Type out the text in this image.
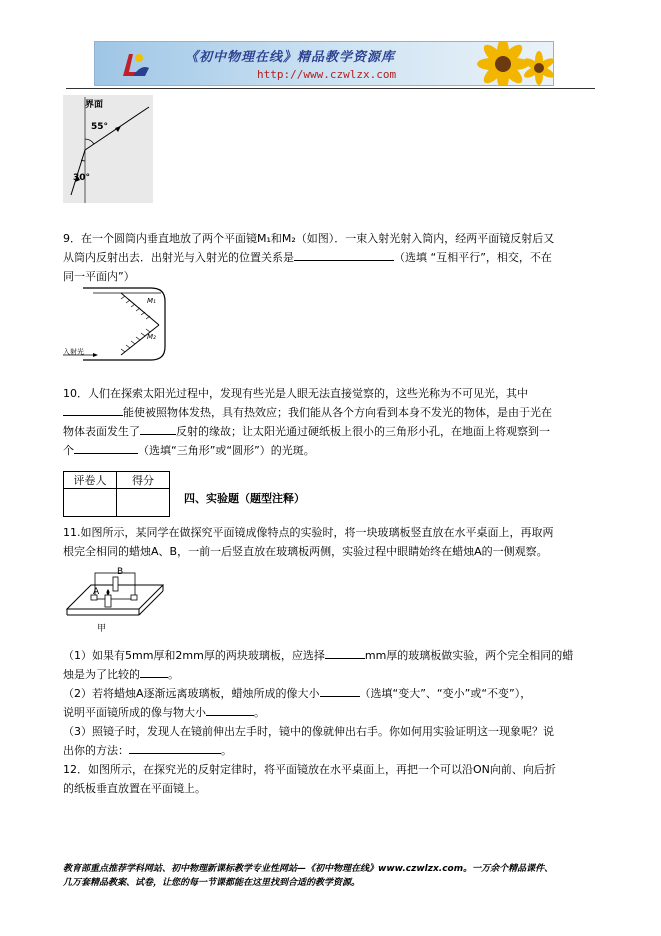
《初中物理在线》精品教学资源库
http://www.czwlzx.com
界面
55°
30°
9．在一个圆筒内垂直地放了两个平面镜M₁和M₂（如图）．一束入射光射入筒内，经两平面镜反射后又
从筒内反射出去．出射光与入射光的位置关系是	（选填 “互相平行”，相交，不在
同一平面内”）
M₁
M₂
入射光
10．人们在探索太阳光过程中，发现有些光是人眼无法直接觉察的，这些光称为不可见光，其中
能使被照物体发热，具有热效应；我们能从各个方向看到本身不发光的物体，是由于光在
物体表面发生了	反射的缘故；让太阳光通过硬纸板上很小的三角形小孔，在地面上将观察到一
个	（选填“三角形”或“圆形”）的光斑。
评卷人	得分

四、实验题（题型注释）
11.如图所示，某同学在做探究平面镜成像特点的实验时，将一块玻璃板竖直放在水平桌面上，再取两
根完全相同的蜡烛A、B，一前一后竖直放在玻璃板两侧，实验过程中眼睛始终在蜡烛A的一侧观察。
B
A
甲
（1）如果有5mm厚和2mm厚的两块玻璃板，应选择	mm厚的玻璃板做实验，两个完全相同的蜡
烛是为了比较的	。
（2）若将蜡烛A逐渐远离玻璃板，蜡烛所成的像大小	（选填“变大”、“变小”或“不变”），
说明平面镜所成的像与物大小	。
（3）照镜子时，发现人在镜前伸出左手时，镜中的像就伸出右手。你如何用实验证明这一现象呢？说
出你的方法：	。
12．如图所示，在探究光的反射定律时，将平面镜放在水平桌面上，再把一个可以沿ON向前、向后折
的纸板垂直放置在平面镜上。
教育部重点推荐学科网站、初中物理新课标教学专业性网站—《初中物理在线》www.czwlzx.com。一万余个精品课件、
几万套精品教案、试卷，让您的每一节课都能在这里找到合适的教学资源。
